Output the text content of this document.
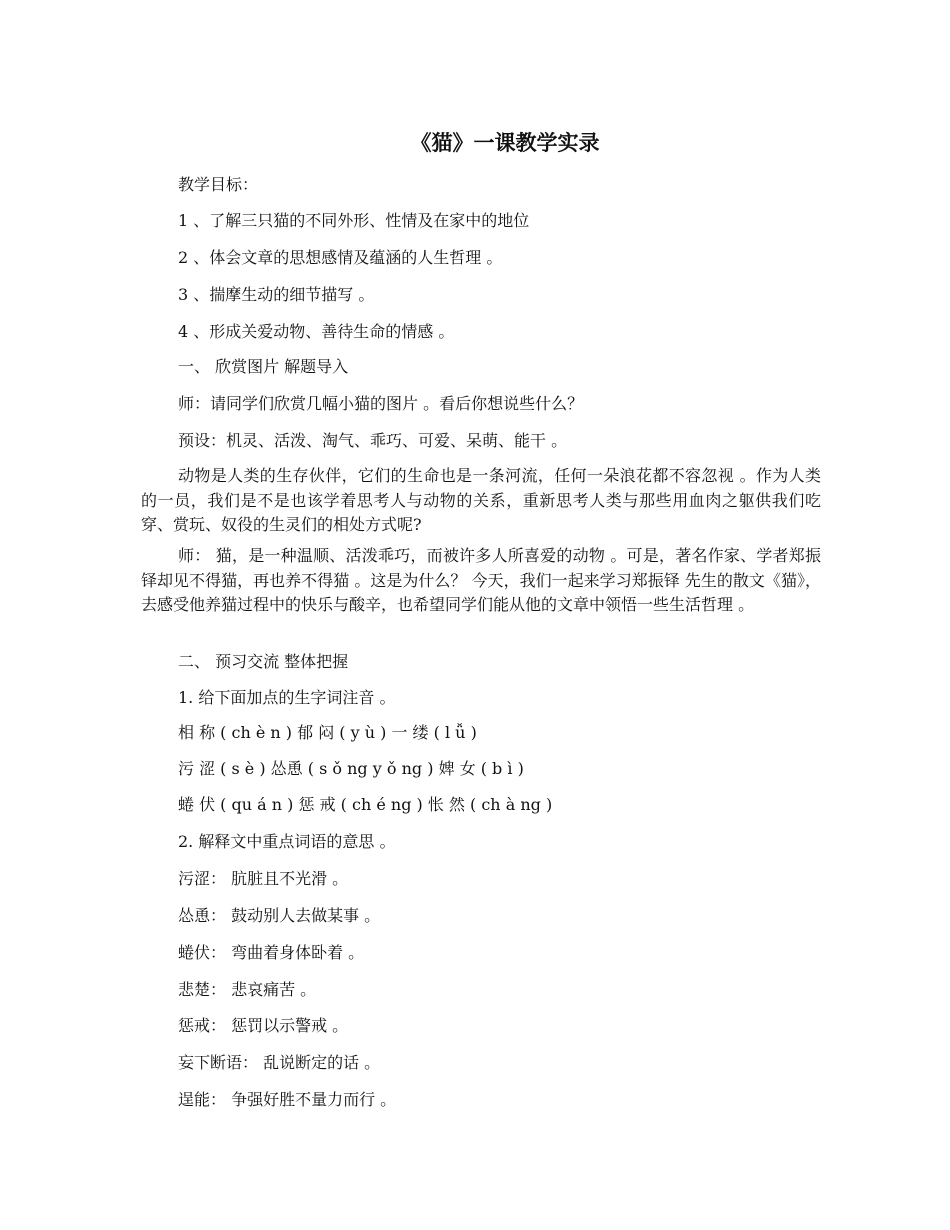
《猫》一课教学实录
教学目标：
1 、了解三只猫的不同外形、性情及在家中的地位
2 、体会文章的思想感情及蕴涵的人生哲理 。
3 、揣摩生动的细节描写 。
4 、形成关爱动物、善待生命的情感 。
一、 欣赏图片 解题导入
师：请同学们欣赏几幅小猫的图片 。看后你想说些什么？
预设：机灵、活泼、淘气、乖巧、可爱、呆萌、能干 。
动物是人类的生存伙伴，它们的生命也是一条河流，任何一朵浪花都不容忽视 。作为人类的一员，我们是不是也该学着思考人与动物的关系，重新思考人类与那些用血肉之躯供我们吃穿、赏玩、奴役的生灵们的相处方式呢?
师： 猫，是一种温顺、活泼乖巧，而被许多人所喜爱的动物 。可是，著名作家、学者郑振铎却见不得猫，再也养不得猫 。这是为什么？ 今天，我们一起来学习郑振铎 先生的散文《猫》，去感受他养猫过程中的快乐与酸辛，也希望同学们能从他的文章中领悟一些生活哲理 。
二、 预习交流 整体把握
1. 给下面加点的生字词注音 。
相 称 ( ch è n ) 郁 闷 ( y ù ) 一 缕 ( l ǚ )
污 涩 ( s è ) 怂恿 ( s ǒ ng y ǒ ng ) 婢 女 ( b ì )
蜷 伏 ( qu á n ) 惩 戒 ( ch é ng ) 怅 然 ( ch à ng )
2. 解释文中重点词语的意思 。
污涩： 肮脏且不光滑 。
怂恿： 鼓动别人去做某事 。
蜷伏： 弯曲着身体卧着 。
悲楚： 悲哀痛苦 。
惩戒： 惩罚以示警戒 。
妄下断语： 乱说断定的话 。
逞能： 争强好胜不量力而行 。
